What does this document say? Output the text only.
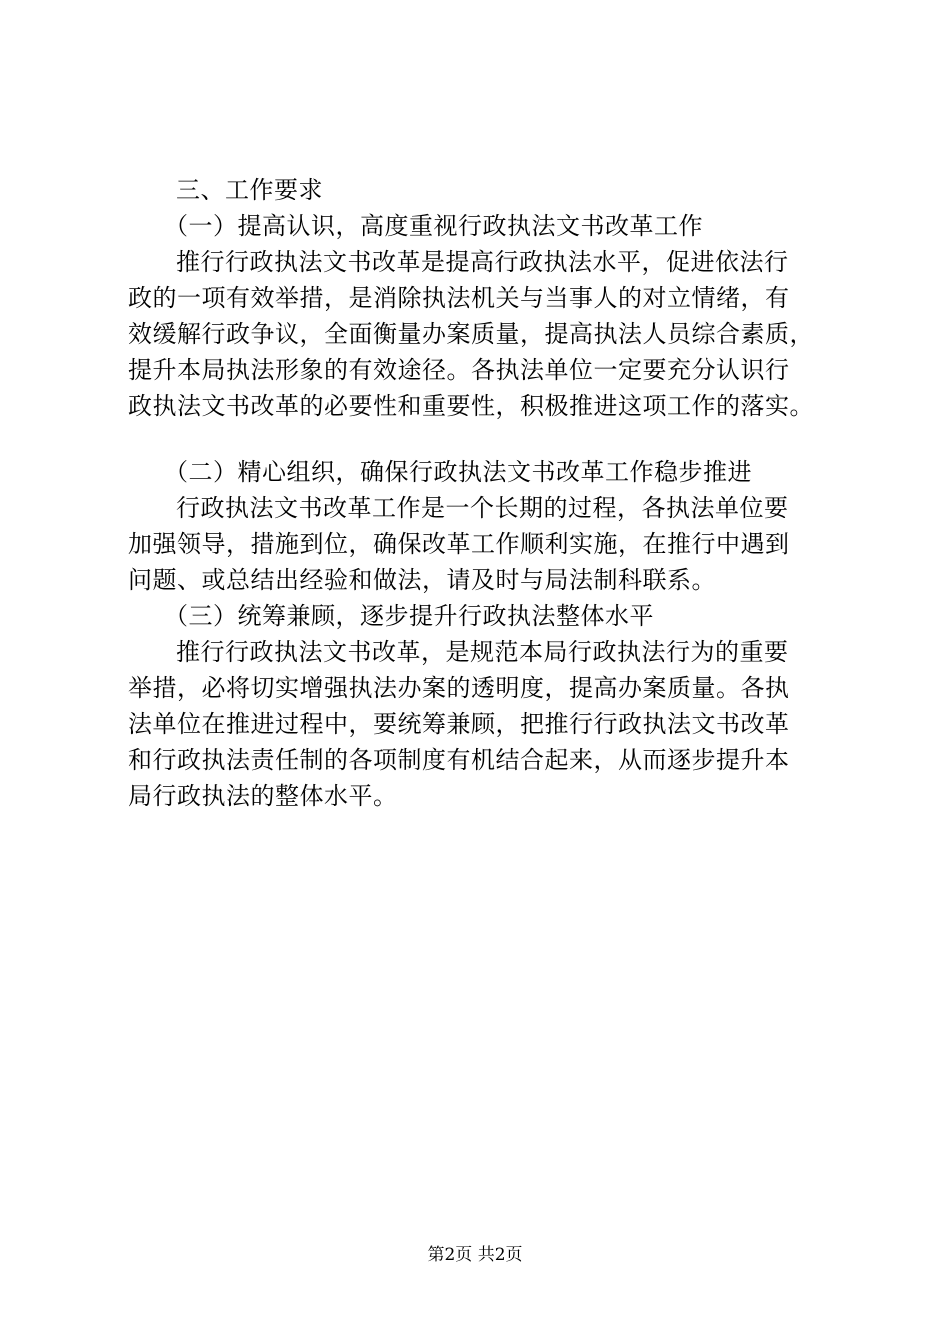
三、工作要求

（一）提高认识，高度重视行政执法文书改革工作

推行行政执法文书改革是提高行政执法水平，促进依法行

政的一项有效举措，是消除执法机关与当事人的对立情绪，有

效缓解行政争议，全面衡量办案质量，提高执法人员综合素质，

提升本局执法形象的有效途径。各执法单位一定要充分认识行

政执法文书改革的必要性和重要性，积极推进这项工作的落实。

（二）精心组织，确保行政执法文书改革工作稳步推进

行政执法文书改革工作是一个长期的过程，各执法单位要

加强领导，措施到位，确保改革工作顺利实施，在推行中遇到

问题、或总结出经验和做法，请及时与局法制科联系。

（三）统筹兼顾，逐步提升行政执法整体水平

推行行政执法文书改革，是规范本局行政执法行为的重要

举措，必将切实增强执法办案的透明度，提高办案质量。各执

法单位在推进过程中，要统筹兼顾，把推行行政执法文书改革

和行政执法责任制的各项制度有机结合起来，从而逐步提升本

局行政执法的整体水平。

第2页 共2页
